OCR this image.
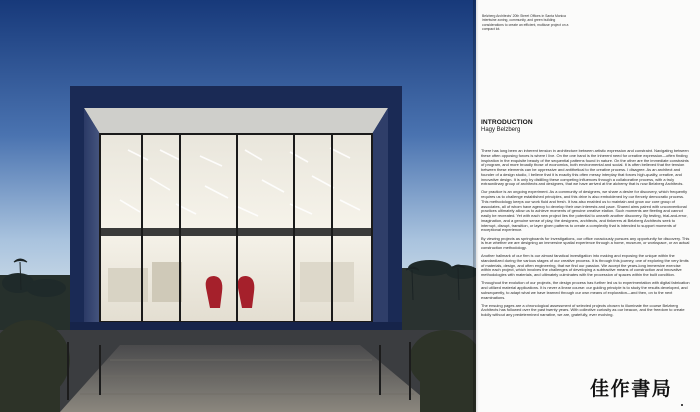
Belzberg Architects' 20th Street Offices in Santa Monica intertwine zoning, community, and green building considerations to create an efficient, multiuse project on a compact lot.
INTRODUCTION
Hagy Belzberg

There has long been an inherent tension in architecture between artistic expression and constraint. Navigating between these often opposing forces is where I live. On the one hand is the inherent need for creative expression—often finding inspiration in the exquisite beauty of the sequential patterns found in nature. On the other are the immediate constraints of program, and more broadly those of economics, both environmental and social. It is often believed that the tension between these elements can be oppressive and antithetical to the creative process. I disagree. As an architect and founder of a design studio, I believe that it is exactly this often messy interplay that forces high-quality, creative, and innovative design. It is only by distilling these competing influences through a collaborative process, with a truly extraordinary group of architects and designers, that we have arrived at the alchemy that is now Belzberg Architects.

Our practice is an ongoing experiment. As a community of designers, we share a desire for discovery, which frequently requires us to challenge established principles, and this drive is also emboldened by our fiercely democratic process. This methodology keeps our work fluid and fresh. It has also enabled us to maintain and grow our core group of associates, all of whom have agency to develop their own interests and pace. Shared aims paired with unconventional practices ultimately allow us to achieve moments of genuine creative elation. Such moments are fleeting and cannot easily be recreated. Yet with each new project lies the potential to unearth another discovery. By testing, trial-and-error, imagination, and a genuine sense of play, the designers, architects, and tinkerers at Belzberg Architects seek to interrupt, disrupt, transition, or layer given patterns to create a complexity that is intended to support moments of exceptional experience.

By viewing projects as springboards for investigations, our office voraciously pursues any opportunity for discovery. This is true whether we are designing an immersive spatial experience through a home, museum, or workspace, or an actual construction methodology.

Another hallmark of our firm is our almost fanatical investigation into making and exposing the unique within the standardized during the various stages of our creative process. It is through this journey, one of exploring the very limits of materials, design, and often engineering, that we find our passion. We accept the years-long immersive exercise within each project, which involves the challenges of developing a subtractive means of construction and innovative methodologies with materials, and ultimately culminates with the procession of spaces within the built condition.

Throughout the evolution of our projects, the design process has further led us to experimentation with digital fabrication and utilized material applications. It is never a linear course: our guiding principle is to study the results developed, and subsequently, to adapt what we have learned through our own means of exploration—and then, on to the next examinations.

The ensuing pages are a chronological assessment of selected projects chosen to illuminate the course Belzberg Architects has followed over the past twenty years. With collective curiosity as our beacon, and the freedom to create boldly without any predetermined narrative, we are, gratefully, ever evolving.

佳作書局
